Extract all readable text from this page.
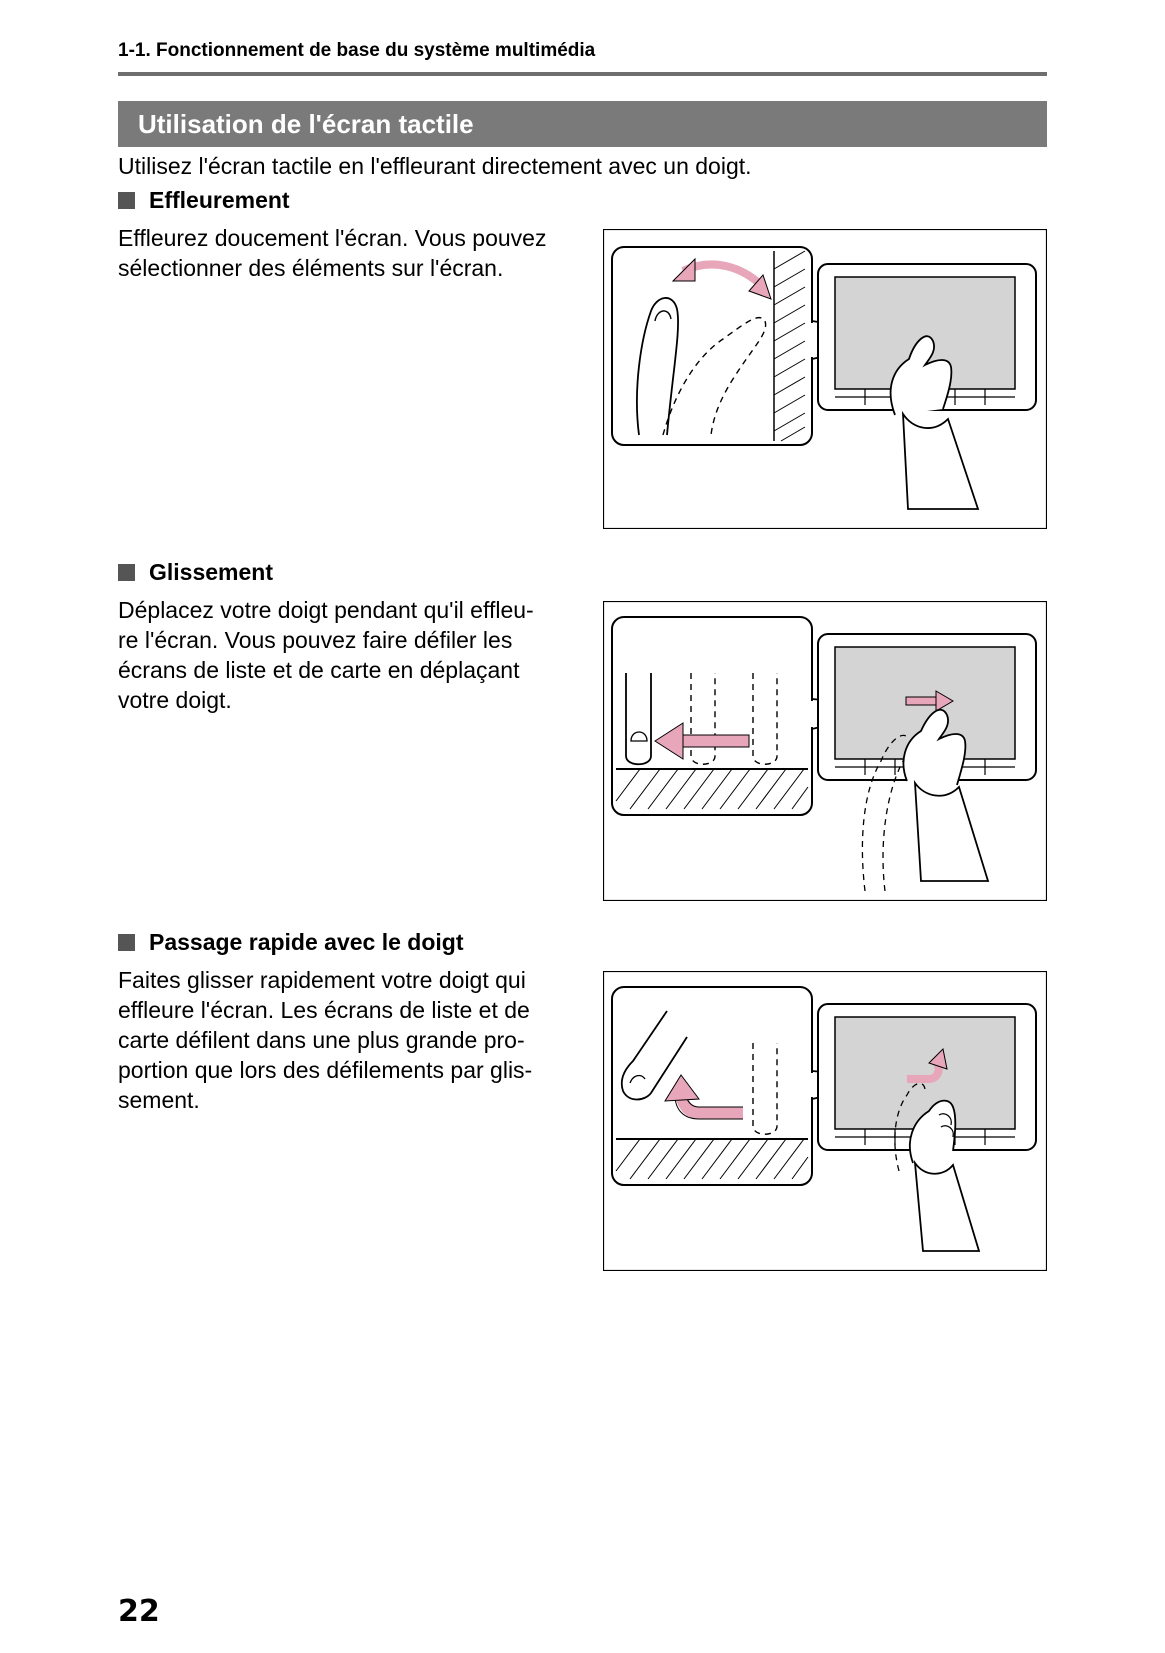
1-1. Fonctionnement de base du système multimédia
Utilisation de l'écran tactile
Utilisez l'écran tactile en l'effleurant directement avec un doigt.
Effleurement
Effleurez doucement l'écran. Vous pouvez
sélectionner des éléments sur l'écran.
Glissement
Déplacez votre doigt pendant qu'il effleu-
re l'écran. Vous pouvez faire défiler les
écrans de liste et de carte en déplaçant
votre doigt.
Passage rapide avec le doigt
Faites glisser rapidement votre doigt qui
effleure l'écran. Les écrans de liste et de
carte défilent dans une plus grande pro-
portion que lors des défilements par glis-
sement.
22
